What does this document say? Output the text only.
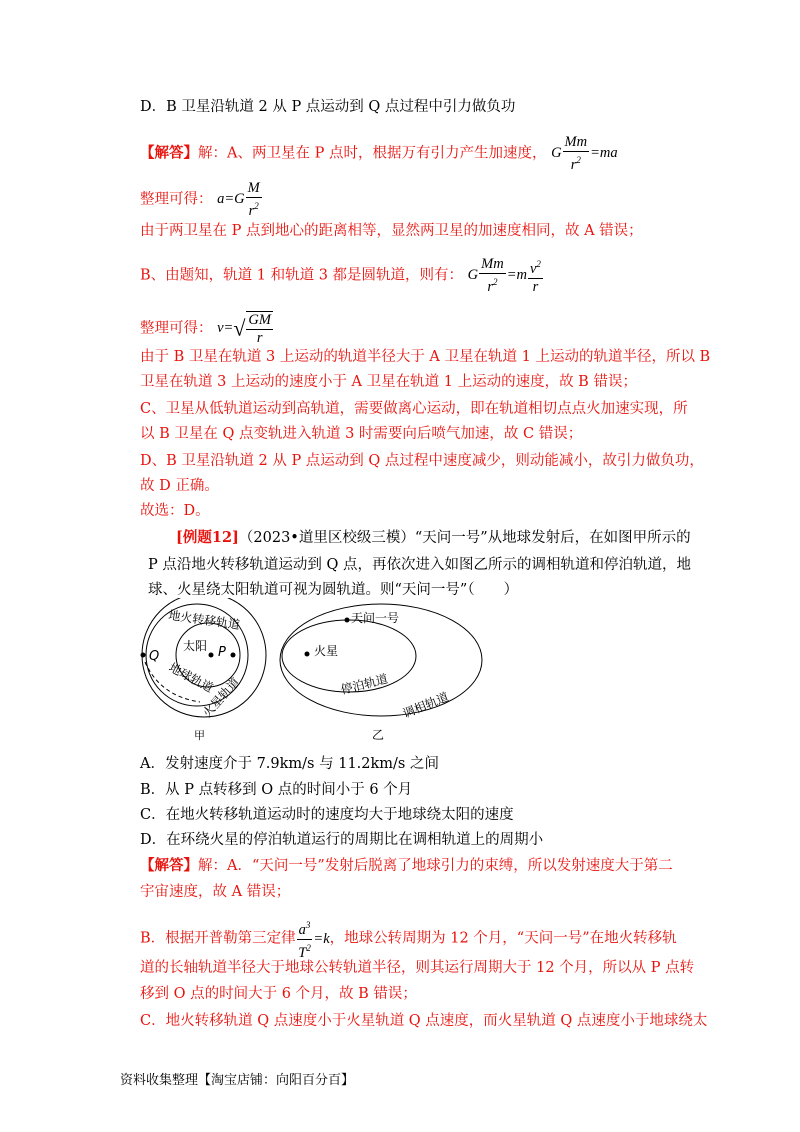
D．B 卫星沿轨道 2 从 P 点运动到 Q 点过程中引力做负功
【解答】解：A、两卫星在 P 点时，根据万有引力产生加速度， G $\frac{Mm}{r^2} =ma$
整理可得： $a=G \frac{M}{r^2}$
由于两卫星在 P 点到地心的距离相等，显然两卫星的加速度相同，故 A 错误；
B、由题知，轨道 1 和轨道 3 都是圆轨道，则有： G $\frac{Mm}{r^2} =m \frac{v^2}{r}$
整理可得： $v=√ \frac{GM}{r}$
由于 B 卫星在轨道 3 上运动的轨道半径大于 A 卫星在轨道 1 上运动的轨道半径，所以 B
卫星在轨道 3 上运动的速度小于 A 卫星在轨道 1 上运动的速度，故 B 错误；
C、卫星从低轨道运动到高轨道，需要做离心运动，即在轨道相切点点火加速实现，所
以 B 卫星在 Q 点变轨进入轨道 3 时需要向后喷气加速，故 C 错误；
D、B 卫星沿轨道 2 从 P 点运动到 Q 点过程中速度减少，则动能减小，故引力做负功，
故 D 正确。
故选：D。
[例题12]（2023•道里区校级三模）“天问一号”从地球发射后，在如图甲所示的
P 点沿地火转移轨道运动到 Q 点，再依次进入如图乙所示的调相轨道和停泊轨道，地
球、火星绕太阳轨道可视为圆轨道。则“天问一号”（　　）
太阳
Q	P
地火转移轨道
地球轨道
火星轨道
甲
火星
天问一号
停泊轨道
调相轨道
乙
A．发射速度介于 7.9km/s 与 11.2km/s 之间
B．从 P 点转移到 O 点的时间小于 6 个月
C．在地火转移轨道运动时的速度均大于地球绕太阳的速度
D．在环绕火星的停泊轨道运行的周期比在调相轨道上的周期小
【解答】解：A．“天问一号”发射后脱离了地球引力的束缚，所以发射速度大于第二
宇宙速度，故 A 错误；
B．根据开普勒第三定律 $\frac{a^3}{T^2} =k$，地球公转周期为 12 个月，“天问一号”在地火转移轨
道的长轴轨道半径大于地球公转轨道半径，则其运行周期大于 12 个月，所以从 P 点转
移到 O 点的时间大于 6 个月，故 B 错误；
C．地火转移轨道 Q 点速度小于火星轨道 Q 点速度，而火星轨道 Q 点速度小于地球绕太
资料收集整理【淘宝店铺：向阳百分百】
